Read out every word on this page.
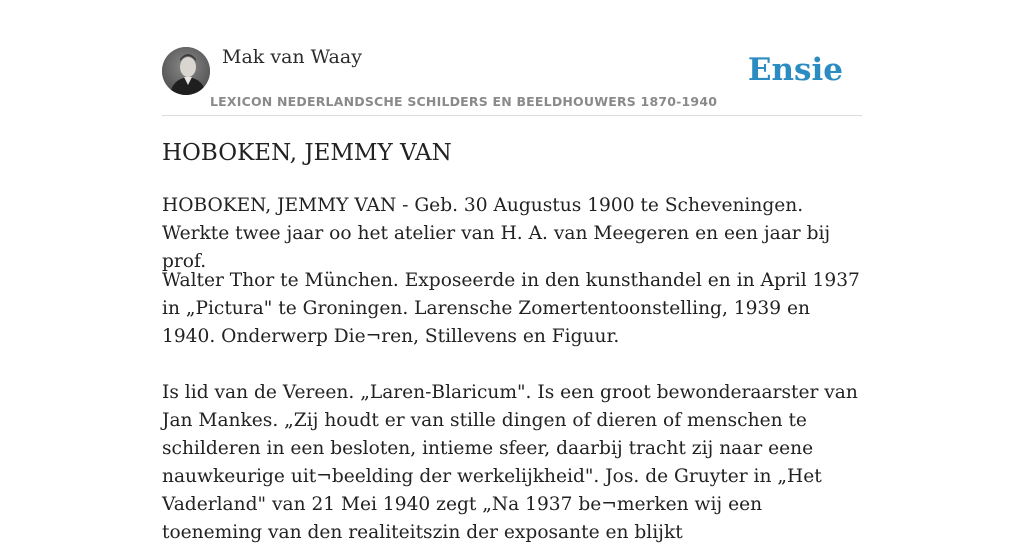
Mak van Waay
LEXICON NEDERLANDSCHE SCHILDERS EN BEELDHOUWERS 1870-1940
Ensie
HOBOKEN, JEMMY VAN

HOBOKEN, JEMMY VAN - Geb. 30 Augustus 1900 te Scheveningen. Werkte twee jaar oo het atelier van H. A. van Meegeren en een jaar bij prof.

Walter Thor te München. Exposeerde in den kunsthandel en in April 1937 in „Pictura" te Groningen. Larensche Zomertentoonstelling, 1939 en 1940. Onderwerp Die¬ren, Stillevens en Figuur.

Is lid van de Vereen. „Laren-Blaricum". Is een groot bewonderaarster van Jan Mankes. „Zij houdt er van stille dingen of dieren of menschen te schilderen in een besloten, intieme sfeer, daarbij tracht zij naar eene nauwkeurige uit¬beelding der werkelijkheid". Jos. de Gruyter in „Het Vaderland" van 21 Mei 1940 zegt „Na 1937 be¬merken wij een toeneming van den realiteitszin der exposante en blijkt
